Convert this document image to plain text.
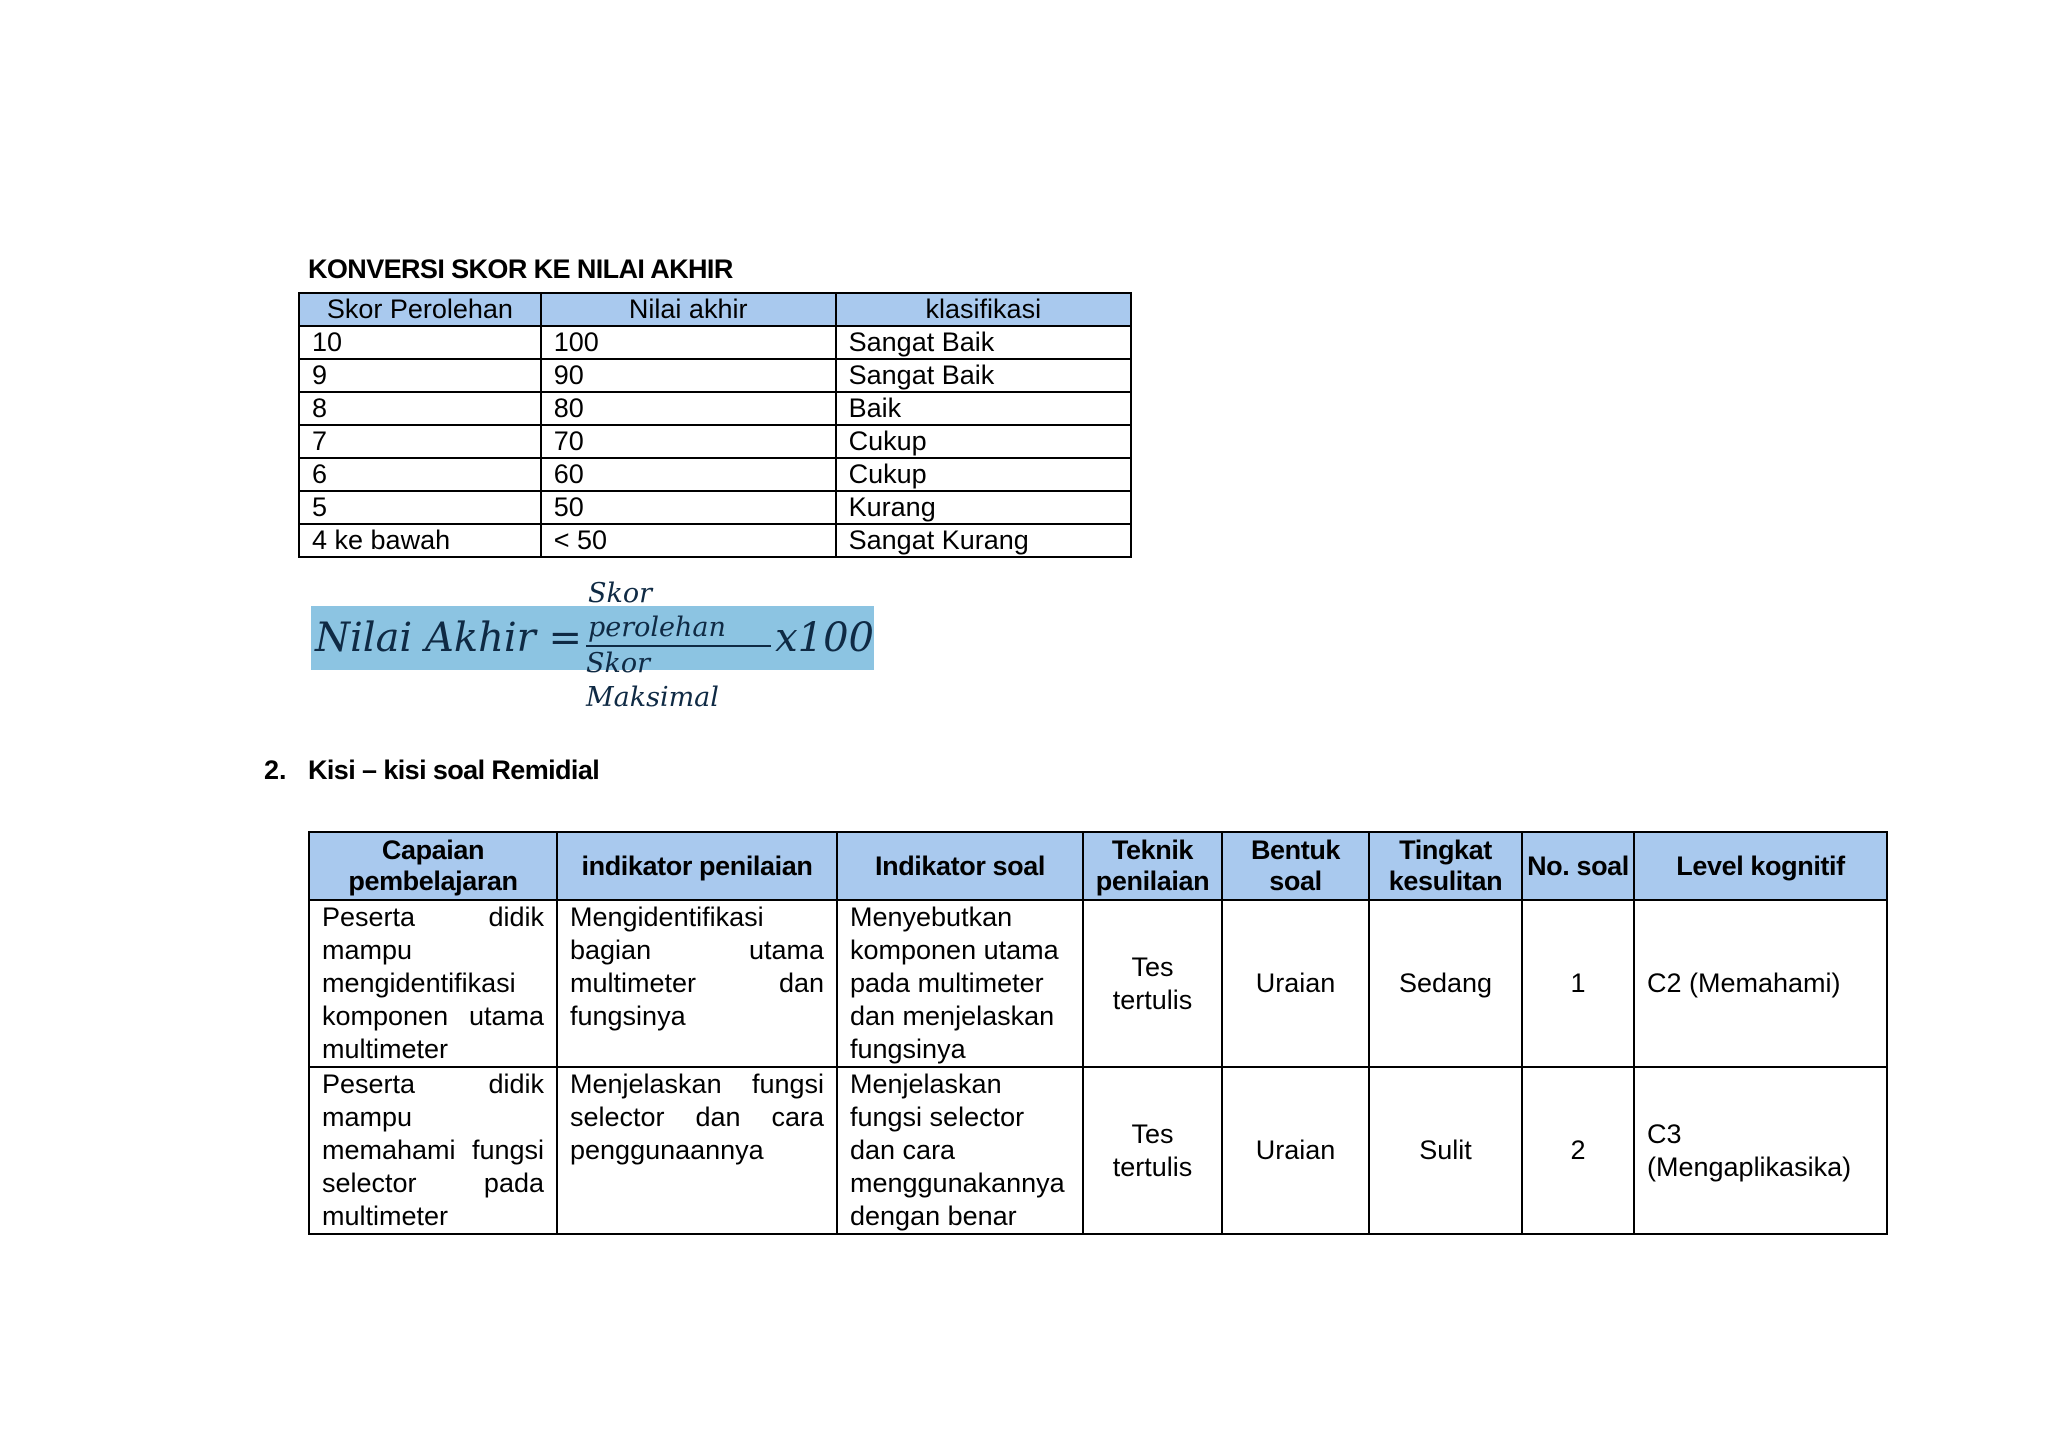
KONVERSI SKOR KE NILAI AKHIR
Skor Perolehan	Nilai akhir	klasifikasi
10	100	Sangat Baik
9	90	Sangat Baik
8	80	Baik
7	70	Cukup
6	60	Cukup
5	50	Kurang
4 ke bawah	< 50	Sangat Kurang
Nilai Akhir = $\frac{\text{Skor perolehan}}{\text{Skor Maksimal}} x100$
2. Kisi – kisi soal Remidial
Capaian pembelajaran	indikator penilaian	Indikator soal	Teknik penilaian	Bentuk soal	Tingkat kesulitan	No. soal	Level kognitif
Peserta didik mampu mengidentifikasi komponen utama multimeter	Mengidentifikasi bagian utama multimeter dan fungsinya	Menyebutkan komponen utama pada multimeter dan menjelaskan fungsinya	Tes tertulis	Uraian	Sedang	1	C2 (Memahami)
Peserta didik mampu memahami fungsi selector pada multimeter	Menjelaskan fungsi selector dan cara penggunaannya	Menjelaskan fungsi selector dan cara menggunakannya dengan benar	Tes tertulis	Uraian	Sulit	2	C3 (Mengaplikasika)
